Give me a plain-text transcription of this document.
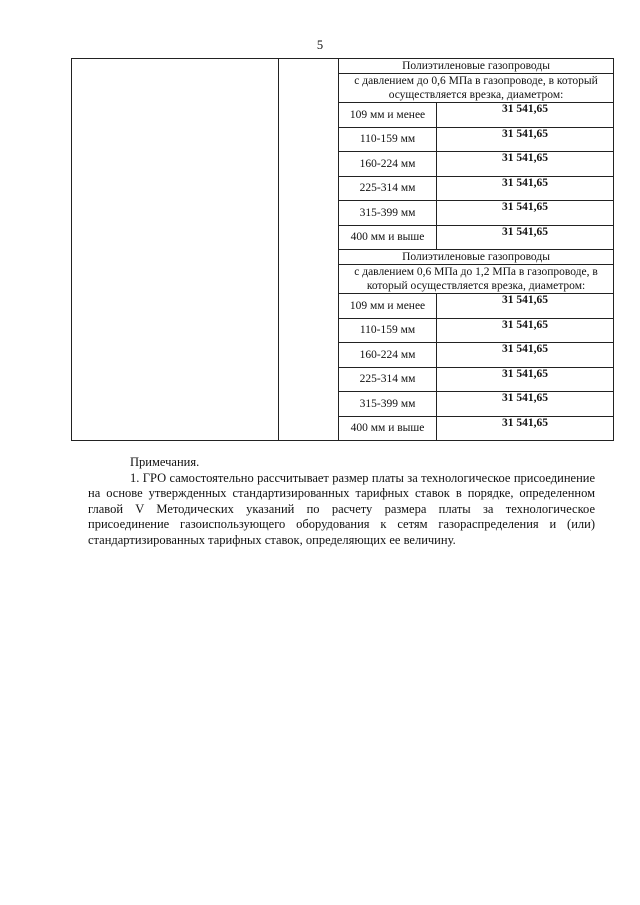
5
		Полиэтиленовые газопроводы	
		с давлением до 0,6 МПа в газопроводе, в который осуществляется врезка, диаметром:	
		109 мм и менее	31 541,65
		110-159 мм	31 541,65
		160-224 мм	31 541,65
		225-314 мм	31 541,65
		315-399 мм	31 541,65
		400 мм и выше	31 541,65
		Полиэтиленовые газопроводы	
		с давлением 0,6 МПа до 1,2 МПа в газопроводе, в который осуществляется врезка, диаметром:	
		109 мм и менее	31 541,65
		110-159 мм	31 541,65
		160-224 мм	31 541,65
		225-314 мм	31 541,65
		315-399 мм	31 541,65
		400 мм и выше	31 541,65

Примечания.

1. ГРО самостоятельно рассчитывает размер платы за технологическое присоединение на основе утвержденных стандартизированных тарифных ставок в порядке, определенном главой V Методических указаний по расчету размера платы за технологическое присоединение газоиспользующего оборудования к сетям газораспределения и (или) стандартизированных тарифных ставок, определяющих ее величину.
